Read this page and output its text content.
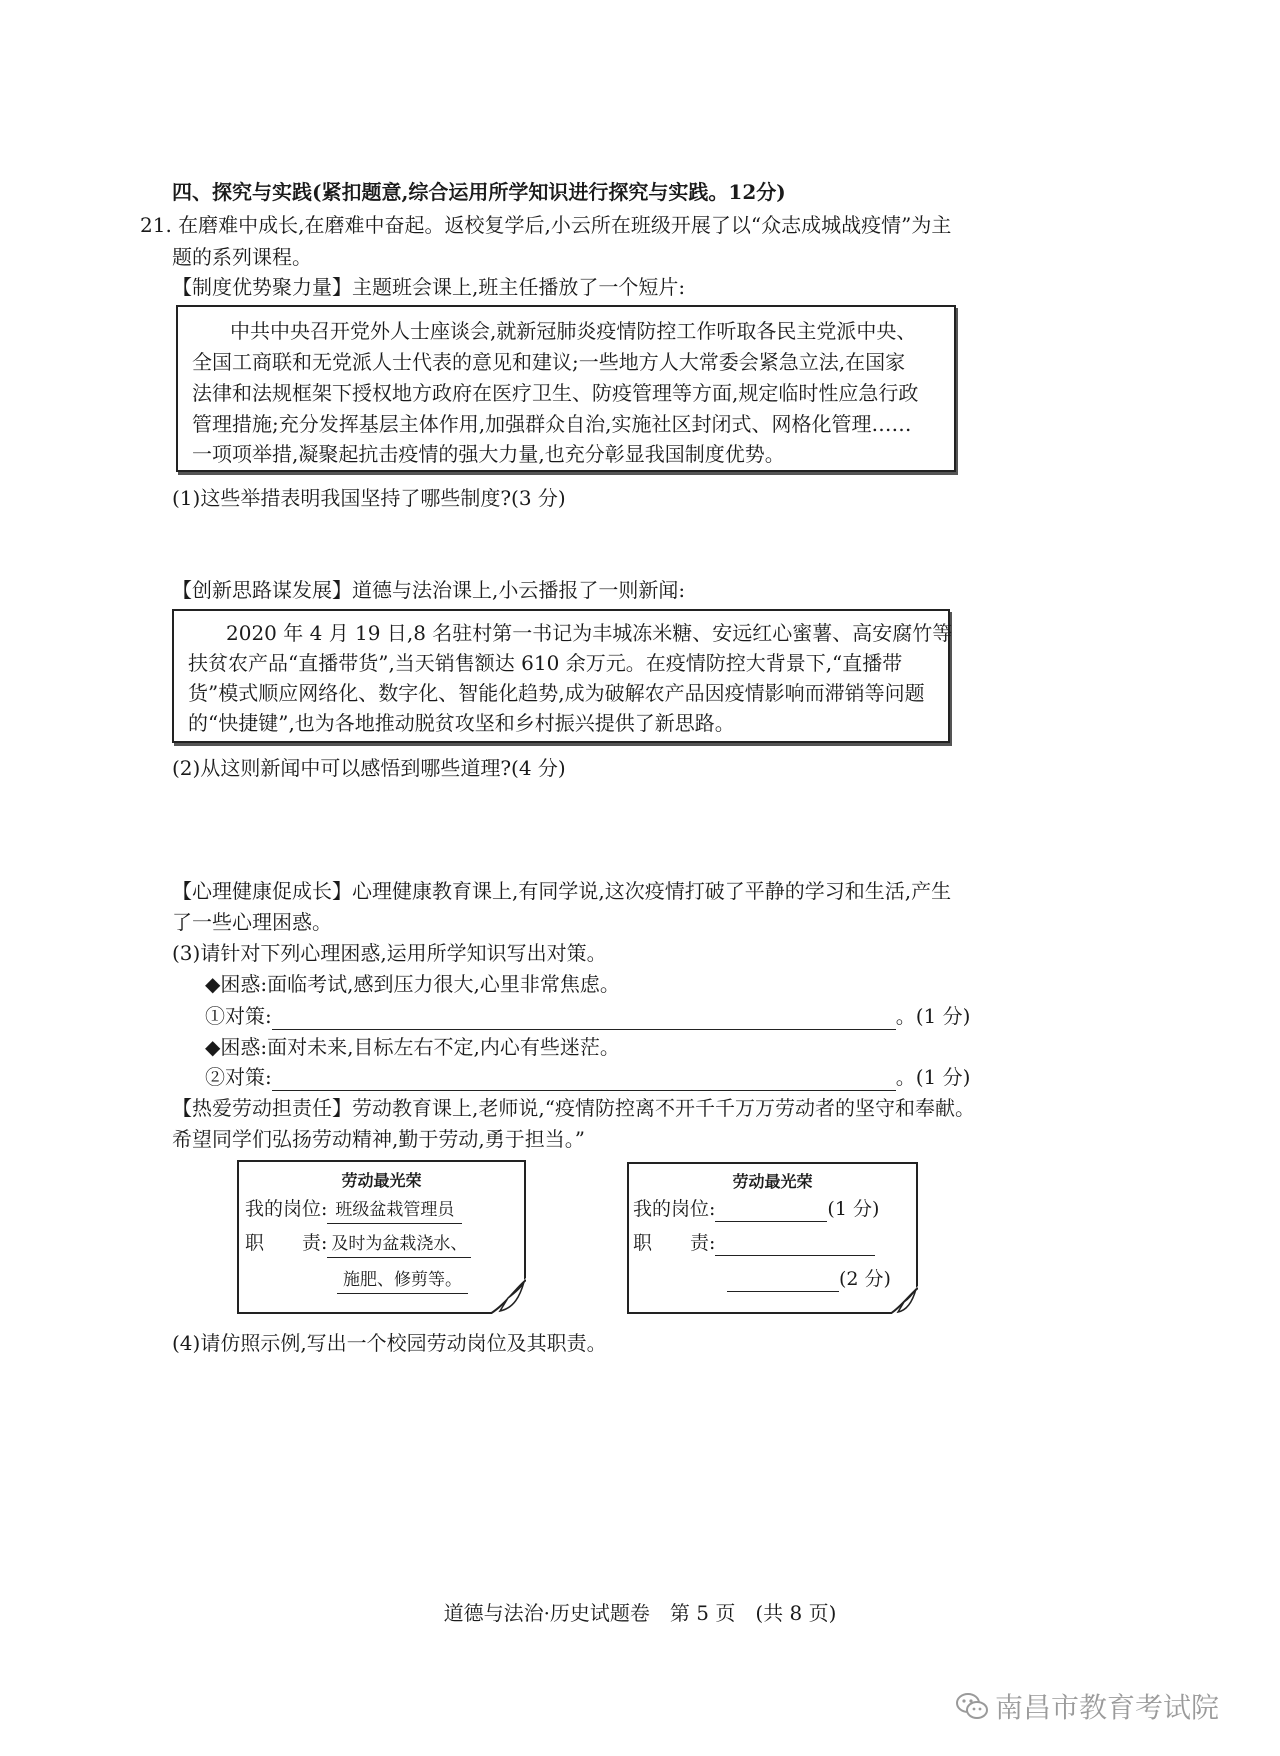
四、探究与实践(紧扣题意,综合运用所学知识进行探究与实践。12分)
21. 在磨难中成长,在磨难中奋起。返校复学后,小云所在班级开展了以“众志成城战疫情”为主
题的系列课程。
【制度优势聚力量】主题班会课上,班主任播放了一个短片:
中共中央召开党外人士座谈会,就新冠肺炎疫情防控工作听取各民主党派中央、
全国工商联和无党派人士代表的意见和建议;一些地方人大常委会紧急立法,在国家
法律和法规框架下授权地方政府在医疗卫生、防疫管理等方面,规定临时性应急行政
管理措施;充分发挥基层主体作用,加强群众自治,实施社区封闭式、网格化管理……
一项项举措,凝聚起抗击疫情的强大力量,也充分彰显我国制度优势。
(1)这些举措表明我国坚持了哪些制度?(3 分)
【创新思路谋发展】道德与法治课上,小云播报了一则新闻:
2020 年 4 月 19 日,8 名驻村第一书记为丰城冻米糖、安远红心蜜薯、高安腐竹等
扶贫农产品“直播带货”,当天销售额达 610 余万元。在疫情防控大背景下,“直播带
货”模式顺应网络化、数字化、智能化趋势,成为破解农产品因疫情影响而滞销等问题
的“快捷键”,也为各地推动脱贫攻坚和乡村振兴提供了新思路。
(2)从这则新闻中可以感悟到哪些道理?(4 分)
【心理健康促成长】心理健康教育课上,有同学说,这次疫情打破了平静的学习和生活,产生
了一些心理困惑。
(3)请针对下列心理困惑,运用所学知识写出对策。
◆困惑:面临考试,感到压力很大,心里非常焦虑。
①对策:	。(1 分)
◆困惑:面对未来,目标左右不定,内心有些迷茫。
②对策:	。(1 分)
【热爱劳动担责任】劳动教育课上,老师说,“疫情防控离不开千千万万劳动者的坚守和奉献。
希望同学们弘扬劳动精神,勤于劳动,勇于担当。”
劳动最光荣
我的岗位: 班级盆栽管理员
职　　责: 及时为盆栽浇水、
施肥、修剪等。
劳动最光荣
我的岗位:	(1 分)
职　　责:
(2 分)
(4)请仿照示例,写出一个校园劳动岗位及其职责。
道德与法治·历史试题卷　第 5 页　(共 8 页)
南昌市教育考试院
